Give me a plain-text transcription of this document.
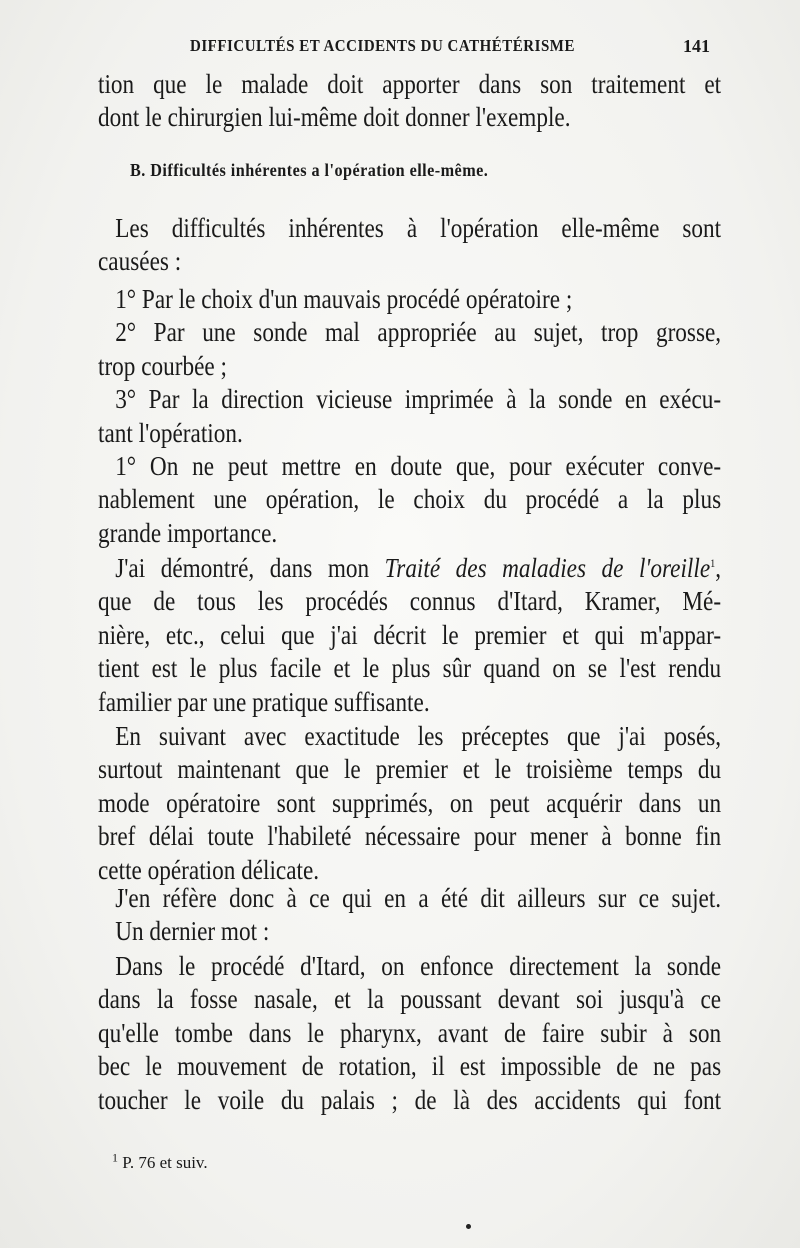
DIFFICULTÉS ET ACCIDENTS DU CATHÉTÉRISME	141
tion que le malade doit apporter dans son traitement et
dont le chirurgien lui-même doit donner l'exemple.
B. Difficultés inhérentes a l'opération elle-même.
Les difficultés inhérentes à l'opération elle-même sont
causées :
1° Par le choix d'un mauvais procédé opératoire ;
2° Par une sonde mal appropriée au sujet, trop grosse,
trop courbée ;
3° Par la direction vicieuse imprimée à la sonde en exécu-
tant l'opération.
1° On ne peut mettre en doute que, pour exécuter conve-
nablement une opération, le choix du procédé a la plus
grande importance.
J'ai démontré, dans mon Traité des maladies de l'oreille$^1$,
que de tous les procédés connus d'Itard, Kramer, Mé-
nière, etc., celui que j'ai décrit le premier et qui m'appar-
tient est le plus facile et le plus sûr quand on se l'est rendu
familier par une pratique suffisante.
En suivant avec exactitude les préceptes que j'ai posés,
surtout maintenant que le premier et le troisième temps du
mode opératoire sont supprimés, on peut acquérir dans un
bref délai toute l'habileté nécessaire pour mener à bonne fin
cette opération délicate.
J'en réfère donc à ce qui en a été dit ailleurs sur ce sujet.
Un dernier mot :
Dans le procédé d'Itard, on enfonce directement la sonde
dans la fosse nasale, et la poussant devant soi jusqu'à ce
qu'elle tombe dans le pharynx, avant de faire subir à son
bec le mouvement de rotation, il est impossible de ne pas
toucher le voile du palais ; de là des accidents qui font
$^1$ P. 76 et suiv.
